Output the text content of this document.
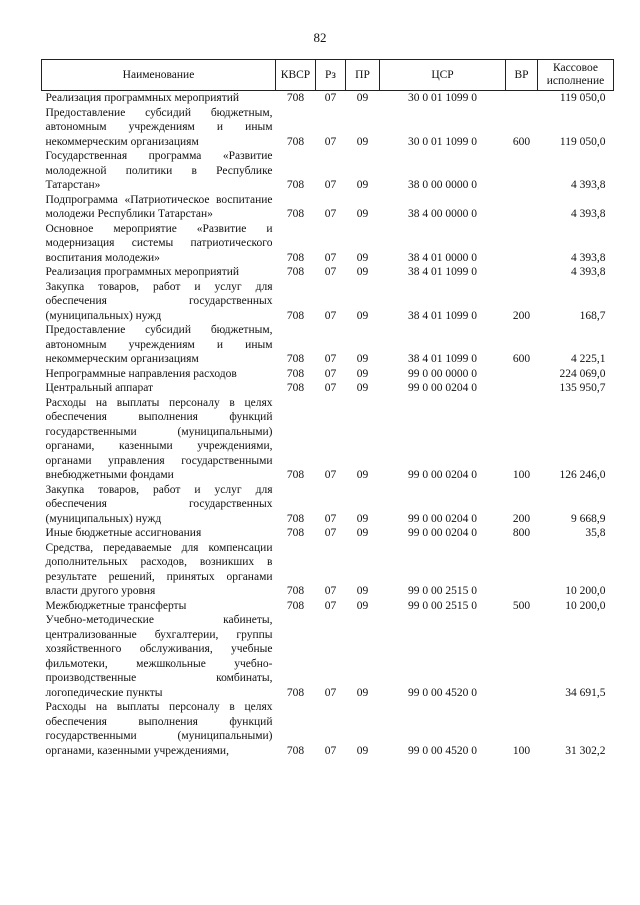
82
Наименование	КВСР	Рз	ПР	ЦСР	ВР	Кассовое исполнение
Реализация программных мероприятий	708	07	09	30 0 01 1099 0		119 050,0
Предоставление субсидий бюджетным, автономным учреждениям и иным некоммерческим организациям	708	07	09	30 0 01 1099 0	600	119 050,0
Государственная программа «Развитие молодежной политики в Республике Татарстан»	708	07	09	38 0 00 0000 0		4 393,8
Подпрограмма «Патриотическое воспитание молодежи Республики Татарстан»	708	07	09	38 4 00 0000 0		4 393,8
Основное мероприятие «Развитие и модернизация системы патриотического воспитания молодежи»	708	07	09	38 4 01 0000 0		4 393,8
Реализация программных мероприятий	708	07	09	38 4 01 1099 0		4 393,8
Закупка товаров, работ и услуг для обеспечения государственных (муниципальных) нужд	708	07	09	38 4 01 1099 0	200	168,7
Предоставление субсидий бюджетным, автономным учреждениям и иным некоммерческим организациям	708	07	09	38 4 01 1099 0	600	4 225,1
Непрограммные направления расходов	708	07	09	99 0 00 0000 0		224 069,0
Центральный аппарат	708	07	09	99 0 00 0204 0		135 950,7
Расходы на выплаты персоналу в целях обеспечения выполнения функций государственными (муниципальными) органами, казенными учреждениями, органами управления государственными внебюджетными фондами	708	07	09	99 0 00 0204 0	100	126 246,0
Закупка товаров, работ и услуг для обеспечения государственных (муниципальных) нужд	708	07	09	99 0 00 0204 0	200	9 668,9
Иные бюджетные ассигнования	708	07	09	99 0 00 0204 0	800	35,8
Средства, передаваемые для компенсации дополнительных расходов, возникших в результате решений, принятых органами власти другого уровня	708	07	09	99 0 00 2515 0		10 200,0
Межбюджетные трансферты	708	07	09	99 0 00 2515 0	500	10 200,0
Учебно-методические кабинеты, централизованные бухгалтерии, группы хозяйственного обслуживания, учебные фильмотеки, межшкольные учебно-производственные комбинаты, логопедические пункты	708	07	09	99 0 00 4520 0		34 691,5
Расходы на выплаты персоналу в целях обеспечения выполнения функций государственными (муниципальными) органами, казенными учреждениями,	708	07	09	99 0 00 4520 0	100	31 302,2
